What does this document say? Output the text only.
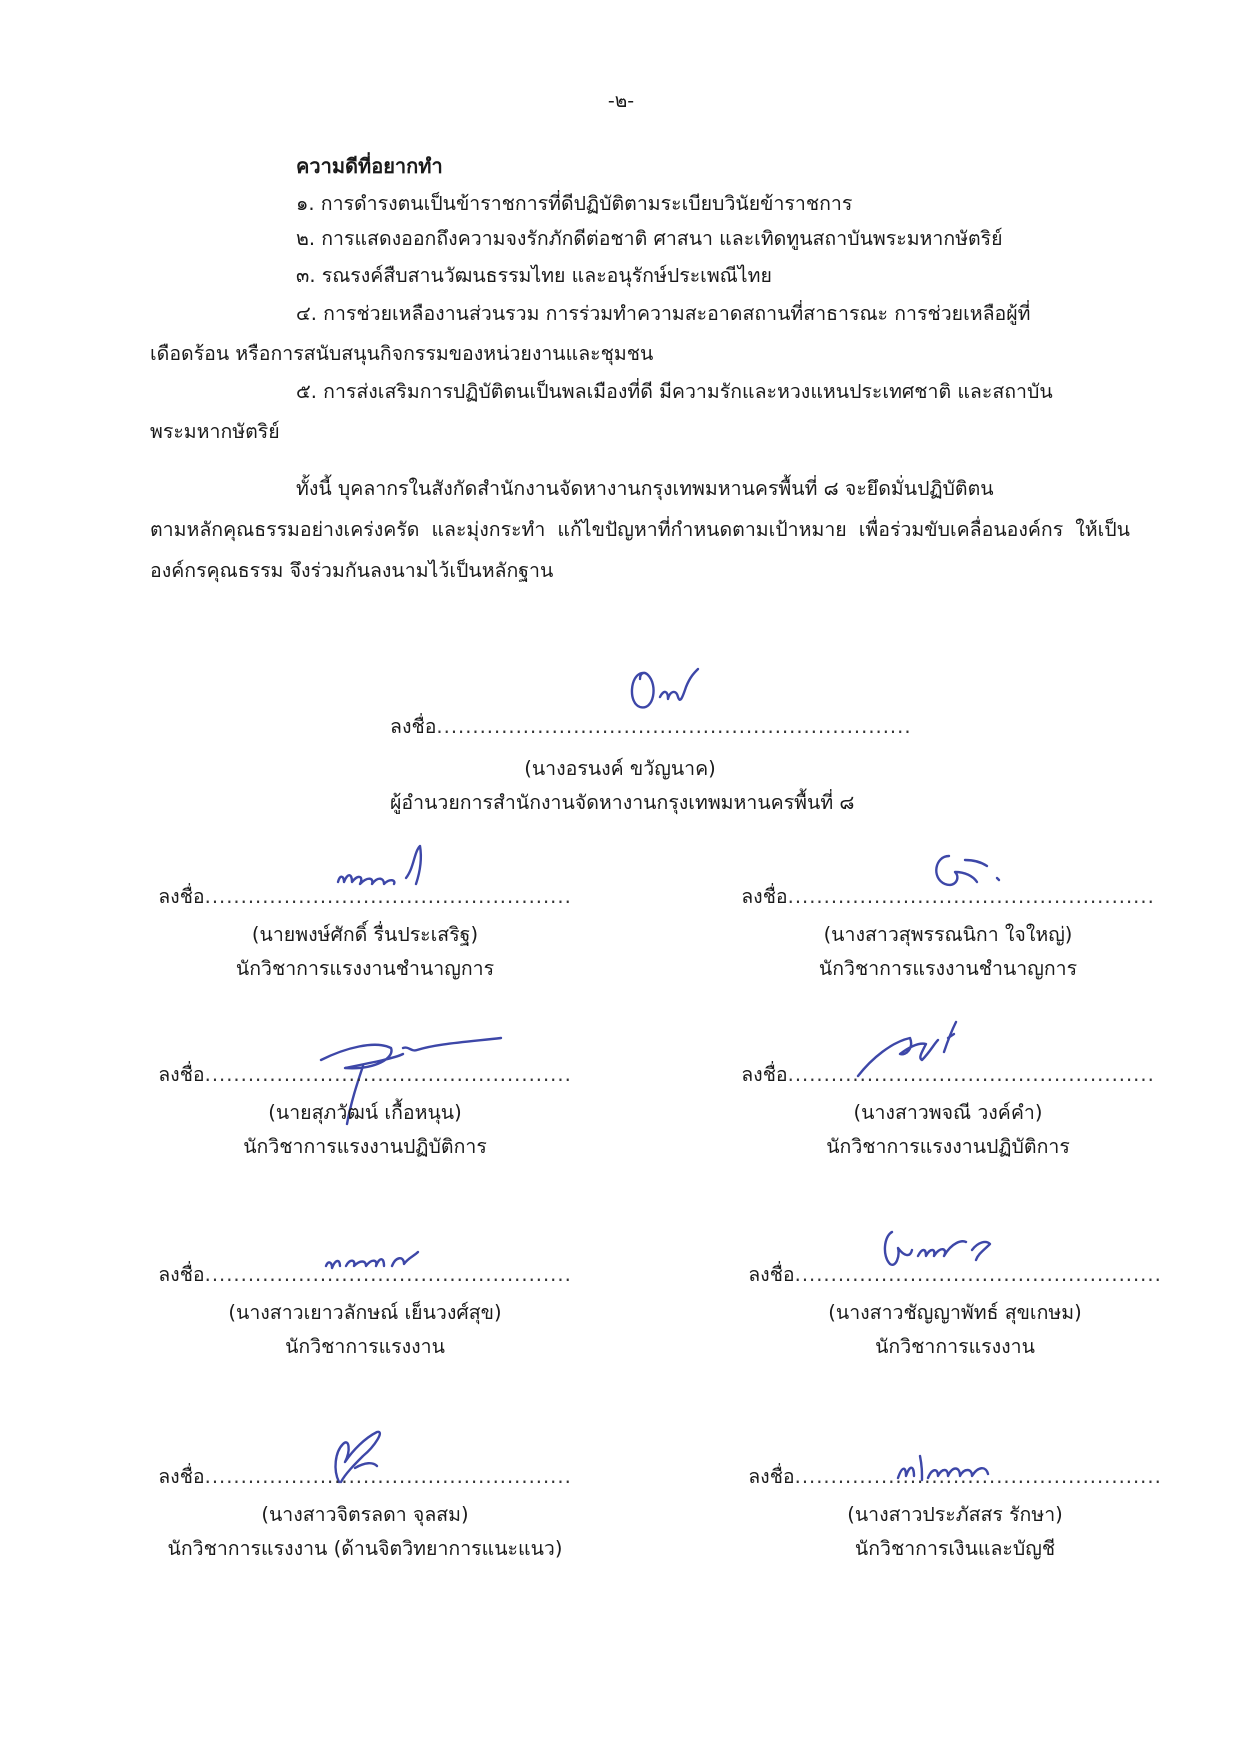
-๒-
ความดีที่อยากทำ
๑. การดำรงตนเป็นข้าราชการที่ดีปฏิบัติตามระเบียบวินัยข้าราชการ
๒. การแสดงออกถึงความจงรักภักดีต่อชาติ ศาสนา และเทิดทูนสถาบันพระมหากษัตริย์
๓. รณรงค์สืบสานวัฒนธรรมไทย และอนุรักษ์ประเพณีไทย
๔. การช่วยเหลืองานส่วนรวม การร่วมทำความสะอาดสถานที่สาธารณะ การช่วยเหลือผู้ที่
เดือดร้อน หรือการสนับสนุนกิจกรรมของหน่วยงานและชุมชน
๕. การส่งเสริมการปฏิบัติตนเป็นพลเมืองที่ดี มีความรักและหวงแหนประเทศชาติ และสถาบัน
พระมหากษัตริย์
ทั้งนี้ บุคลากรในสังกัดสำนักงานจัดหางานกรุงเทพมหานครพื้นที่ ๘ จะยึดมั่นปฏิบัติตน
ตามหลักคุณธรรมอย่างเคร่งครัด และมุ่งกระทำ แก้ไขปัญหาที่กำหนดตามเป้าหมาย เพื่อร่วมขับเคลื่อนองค์กร ให้เป็นองค์กรคุณธรรม จึงร่วมกันลงนามไว้เป็นหลักฐาน
ลงชื่อ..................................................................
(นางอรนงค์ ขวัญนาค)
ผู้อำนวยการสำนักงานจัดหางานกรุงเทพมหานครพื้นที่ ๘
ลงชื่อ...................................................
(นายพงษ์ศักดิ์ รื่นประเสริฐ)
นักวิชาการแรงงานชำนาญการ
ลงชื่อ...................................................
(นางสาวสุพรรณนิกา ใจใหญ่)
นักวิชาการแรงงานชำนาญการ
ลงชื่อ...................................................
(นายสุภวัฒน์ เกื้อหนุน)
นักวิชาการแรงงานปฏิบัติการ
ลงชื่อ...................................................
(นางสาวพจณี วงค์คำ)
นักวิชาการแรงงานปฏิบัติการ
ลงชื่อ...................................................
(นางสาวเยาวลักษณ์ เย็นวงศ์สุข)
นักวิชาการแรงงาน
ลงชื่อ...................................................
(นางสาวชัญญาพัทธ์ สุขเกษม)
นักวิชาการแรงงาน
ลงชื่อ...................................................
(นางสาวจิตรลดา จุลสม)
นักวิชาการแรงงาน (ด้านจิตวิทยาการแนะแนว)
ลงชื่อ...................................................
(นางสาวประภัสสร รักษา)
นักวิชาการเงินและบัญชี
